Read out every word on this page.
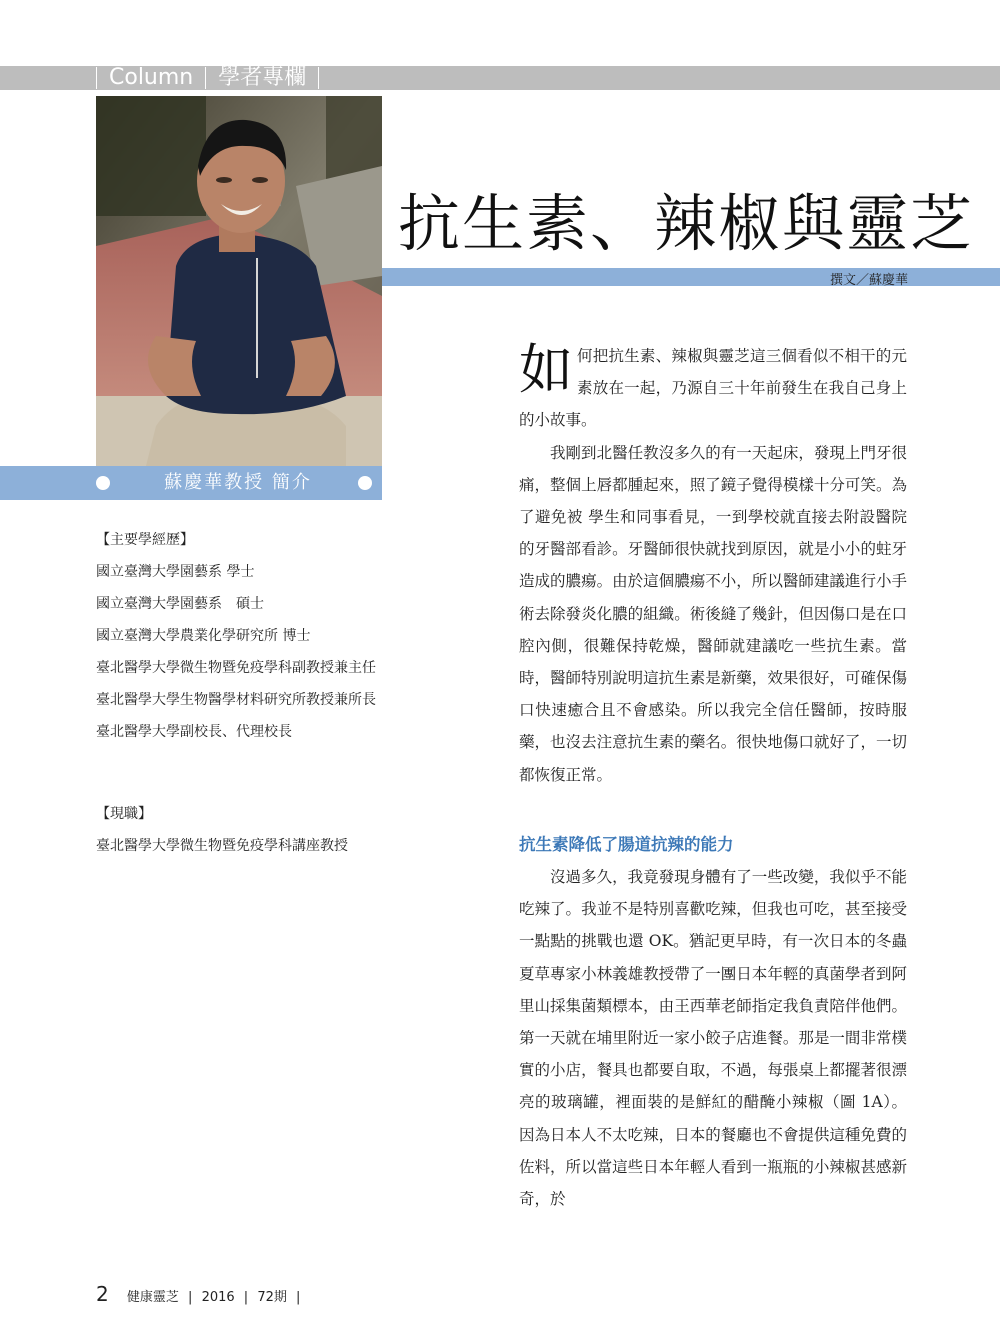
Column 學者專欄
蘇慶華教授 簡介
【主要學經歷】
國立臺灣大學園藝系 學士
國立臺灣大學園藝系　碩士
國立臺灣大學農業化學研究所 博士
臺北醫學大學微生物暨免疫學科副教授兼主任
臺北醫學大學生物醫學材料研究所教授兼所長
臺北醫學大學副校長、代理校長
【現職】
臺北醫學大學微生物暨免疫學科講座教授
抗生素、辣椒與靈芝
撰文／蘇慶華

如何把抗生素、辣椒與靈芝這三個看似不相干的元素放在一起，乃源自三十年前發生在我自己身上的小故事。

我剛到北醫任教沒多久的有一天起床，發現上門牙很痛，整個上唇都腫起來，照了鏡子覺得模樣十分可笑。為了避免被 學生和同事看見，一到學校就直接去附設醫院的牙醫部看診。牙醫師很快就找到原因，就是小小的蛀牙造成的膿瘍。由於這個膿瘍不小，所以醫師建議進行小手術去除發炎化膿的組織。術後縫了幾針，但因傷口是在口腔內側，很難保持乾燥，醫師就建議吃一些抗生素。當時，醫師特別說明這抗生素是新藥，效果很好，可確保傷口快速癒合且不會感染。所以我完全信任醫師，按時服藥，也沒去注意抗生素的藥名。很快地傷口就好了，一切都恢復正常。

抗生素降低了腸道抗辣的能力

沒過多久，我竟發現身體有了一些改變，我似乎不能吃辣了。我並不是特別喜歡吃辣，但我也可吃，甚至接受一點點的挑戰也還 OK。猶記更早時，有一次日本的冬蟲夏草專家小林義雄教授帶了一團日本年輕的真菌學者到阿里山採集菌類標本，由王西華老師指定我負責陪伴他們。第一天就在埔里附近一家小餃子店進餐。那是一間非常樸實的小店，餐具也都要自取，不過，每張桌上都擺著很漂亮的玻璃罐，裡面裝的是鮮紅的醋醃小辣椒（圖 1A）。因為日本人不太吃辣，日本的餐廳也不會提供這種免費的佐料，所以當這些日本年輕人看到一瓶瓶的小辣椒甚感新奇，於

2 健康靈芝 | 2016 | 72期 |
